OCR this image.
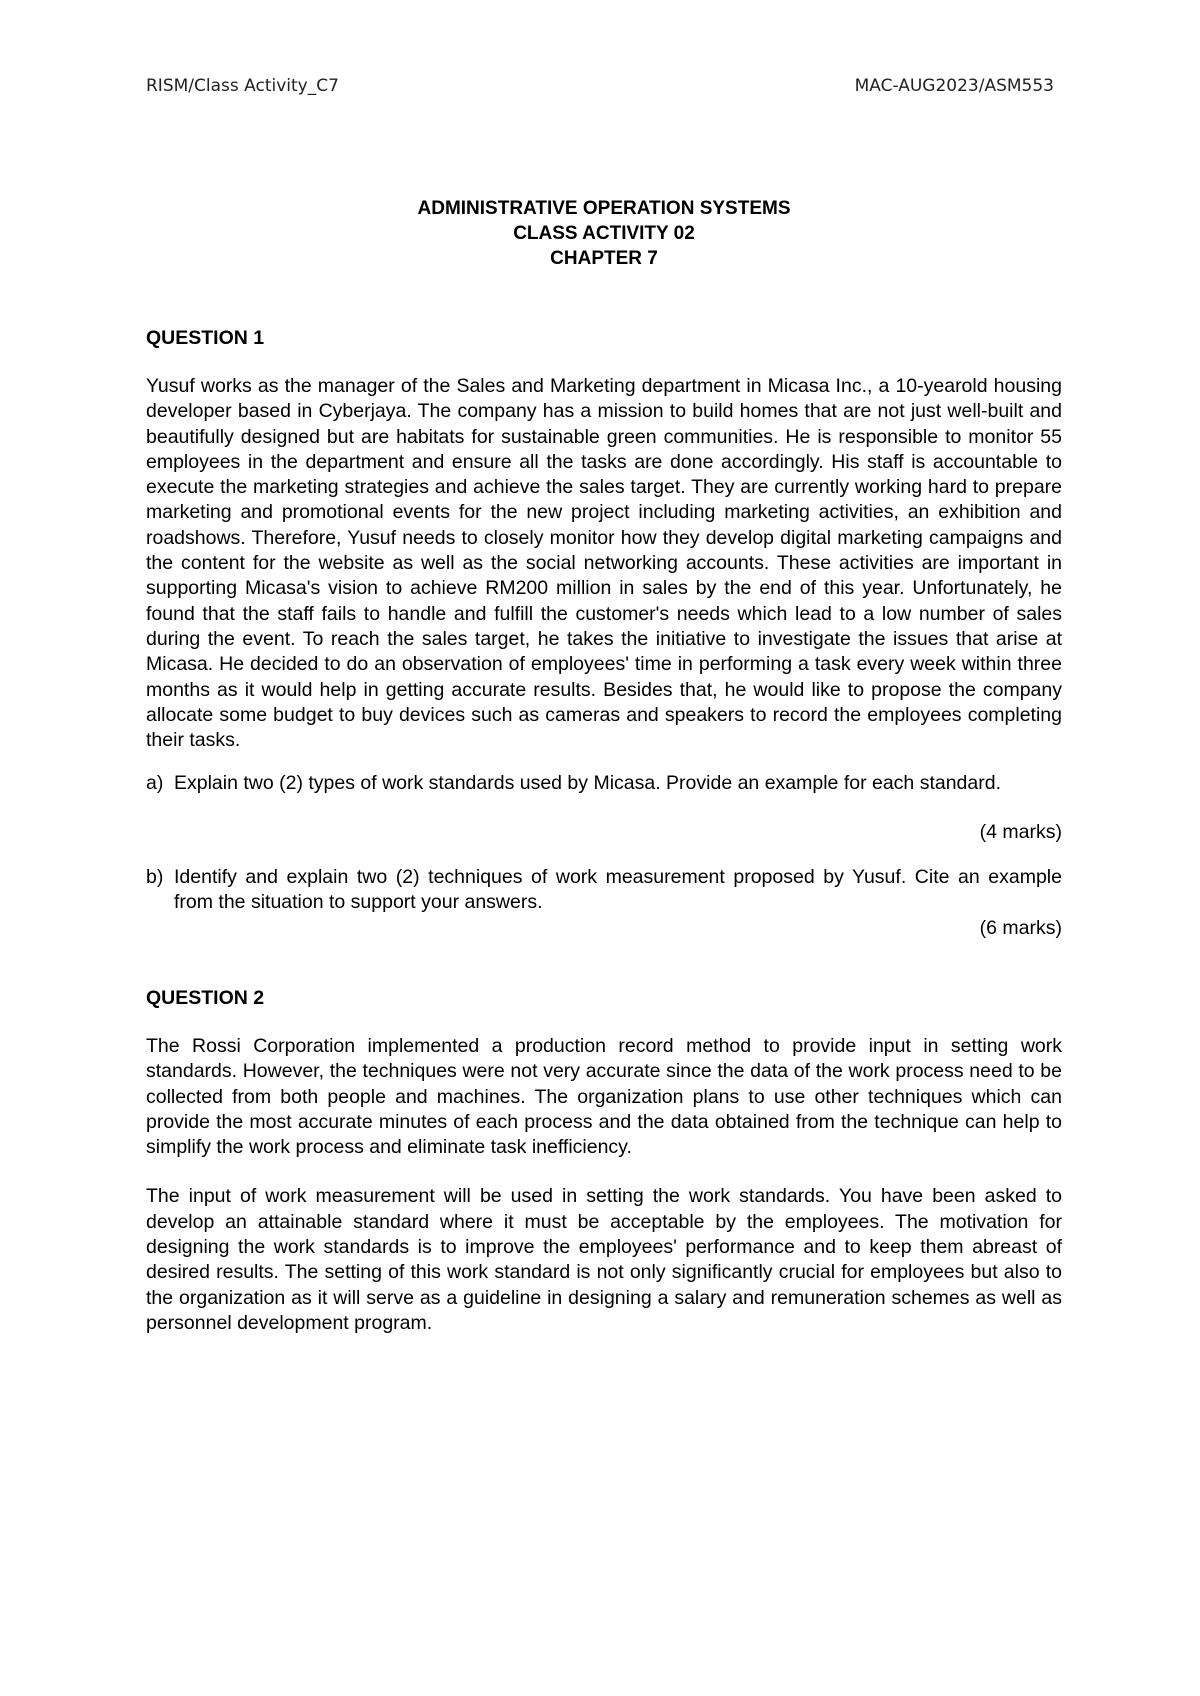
RISM/Class Activity_C7	MAC-AUG2023/ASM553
ADMINISTRATIVE OPERATION SYSTEMS
CLASS ACTIVITY 02
CHAPTER 7
QUESTION 1

Yusuf works as the manager of the Sales and Marketing department in Micasa Inc., a 10-yearold housing developer based in Cyberjaya. The company has a mission to build homes that are not just well-built and beautifully designed but are habitats for sustainable green communities. He is responsible to monitor 55 employees in the department and ensure all the tasks are done accordingly. His staff is accountable to execute the marketing strategies and achieve the sales target. They are currently working hard to prepare marketing and promotional events for the new project including marketing activities, an exhibition and roadshows. Therefore, Yusuf needs to closely monitor how they develop digital marketing campaigns and the content for the website as well as the social networking accounts. These activities are important in supporting Micasa's vision to achieve RM200 million in sales by the end of this year. Unfortunately, he found that the staff fails to handle and fulfill the customer's needs which lead to a low number of sales during the event. To reach the sales target, he takes the initiative to investigate the issues that arise at Micasa. He decided to do an observation of employees' time in performing a task every week within three months as it would help in getting accurate results. Besides that, he would like to propose the company allocate some budget to buy devices such as cameras and speakers to record the employees completing their tasks.

a) Explain two (2) types of work standards used by Micasa. Provide an example for each standard.
(4 marks)
b) Identify and explain two (2) techniques of work measurement proposed by Yusuf. Cite an example from the situation to support your answers.
(6 marks)
QUESTION 2

The Rossi Corporation implemented a production record method to provide input in setting work standards. However, the techniques were not very accurate since the data of the work process need to be collected from both people and machines. The organization plans to use other techniques which can provide the most accurate minutes of each process and the data obtained from the technique can help to simplify the work process and eliminate task inefficiency.

The input of work measurement will be used in setting the work standards. You have been asked to develop an attainable standard where it must be acceptable by the employees. The motivation for designing the work standards is to improve the employees' performance and to keep them abreast of desired results. The setting of this work standard is not only significantly crucial for employees but also to the organization as it will serve as a guideline in designing a salary and remuneration schemes as well as personnel development program.
